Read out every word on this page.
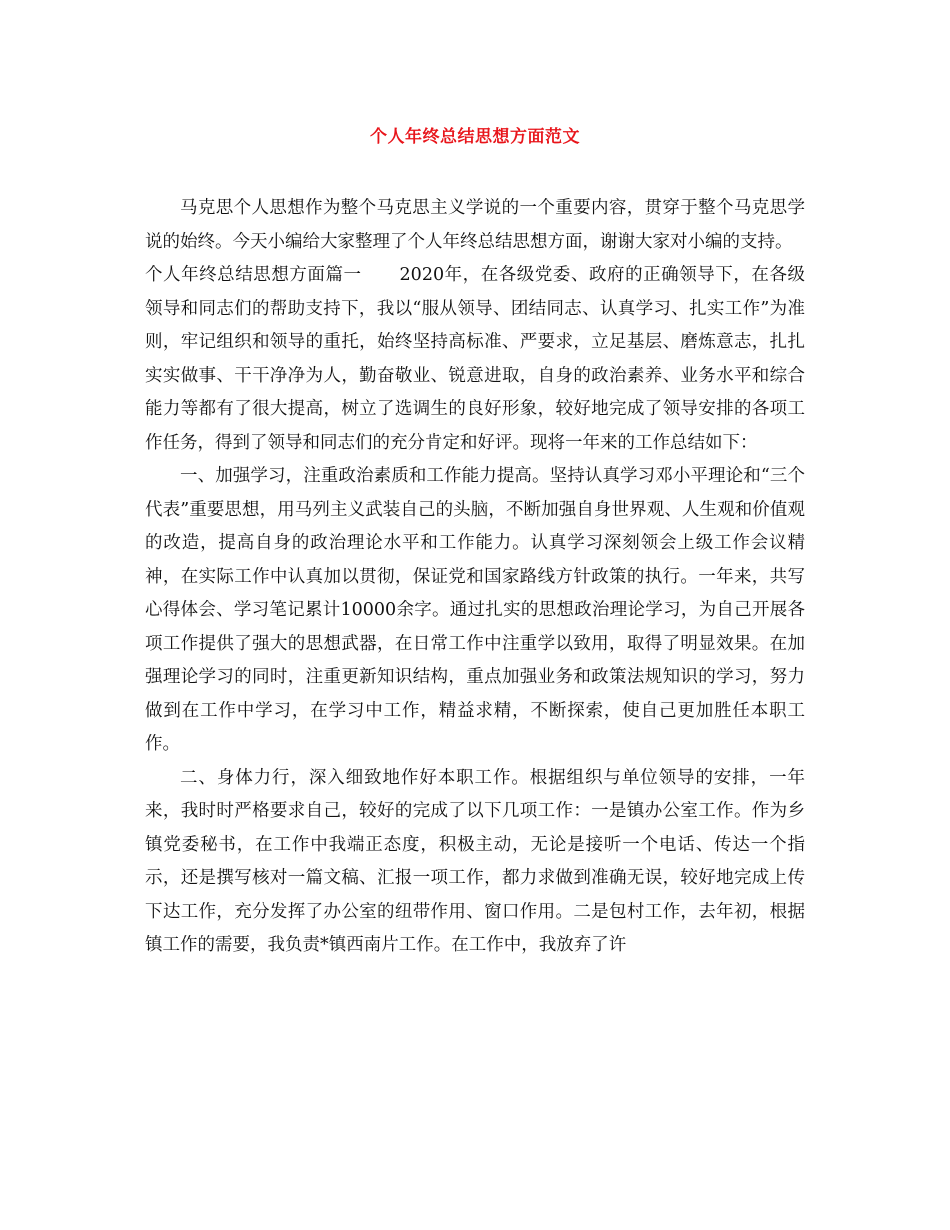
个人年终总结思想方面范文

马克思个人思想作为整个马克思主义学说的一个重要内容，贯穿于整个马克思学说的始终。今天小编给大家整理了个人年终总结思想方面，谢谢大家对小编的支持。

个人年终总结思想方面篇一 2020年，在各级党委、政府的正确领导下，在各级领导和同志们的帮助支持下，我以“服从领导、团结同志、认真学习、扎实工作”为准则，牢记组织和领导的重托，始终坚持高标准、严要求，立足基层、磨炼意志，扎扎实实做事、干干净净为人，勤奋敬业、锐意进取，自身的政治素养、业务水平和综合能力等都有了很大提高，树立了选调生的良好形象，较好地完成了领导安排的各项工作任务，得到了领导和同志们的充分肯定和好评。现将一年来的工作总结如下：

一、加强学习，注重政治素质和工作能力提高。坚持认真学习邓小平理论和“三个代表”重要思想，用马列主义武装自己的头脑，不断加强自身世界观、人生观和价值观的改造，提高自身的政治理论水平和工作能力。认真学习深刻领会上级工作会议精神，在实际工作中认真加以贯彻，保证党和国家路线方针政策的执行。一年来，共写心得体会、学习笔记累计10000余字。通过扎实的思想政治理论学习，为自己开展各项工作提供了强大的思想武器，在日常工作中注重学以致用，取得了明显效果。在加强理论学习的同时，注重更新知识结构，重点加强业务和政策法规知识的学习，努力做到在工作中学习，在学习中工作，精益求精，不断探索，使自己更加胜任本职工作。

二、身体力行，深入细致地作好本职工作。根据组织与单位领导的安排，一年来，我时时严格要求自己，较好的完成了以下几项工作：一是镇办公室工作。作为乡镇党委秘书，在工作中我端正态度，积极主动，无论是接听一个电话、传达一个指示，还是撰写核对一篇文稿、汇报一项工作，都力求做到准确无误，较好地完成上传下达工作，充分发挥了办公室的纽带作用、窗口作用。二是包村工作，去年初，根据镇工作的需要，我负责*镇西南片工作。在工作中，我放弃了许
